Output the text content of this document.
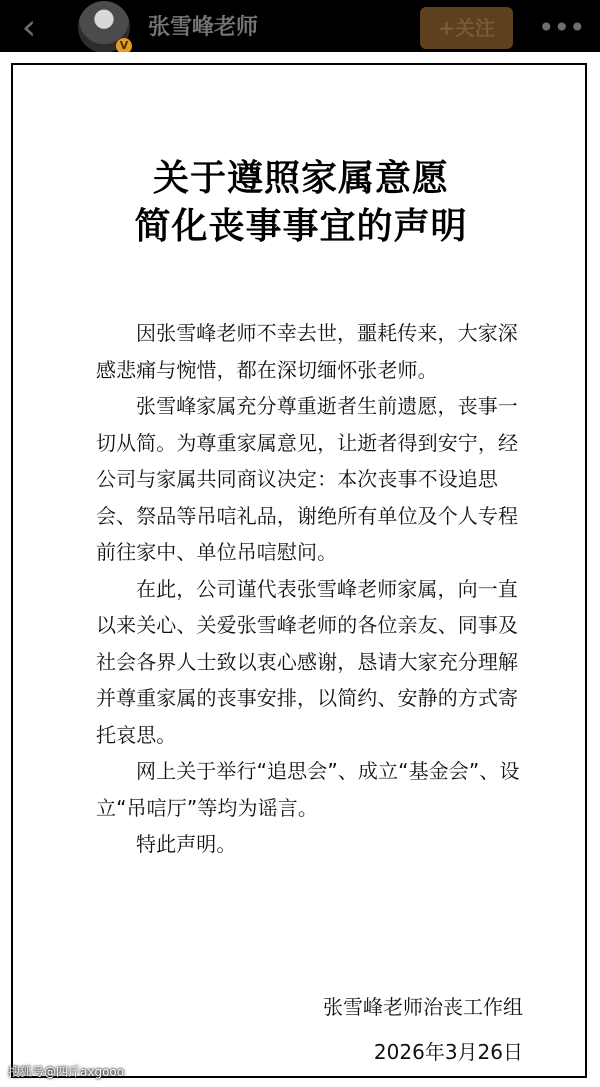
‹	V
张雪峰老师	+关注	•••
关于遵照家属意愿
简化丧事事宜的声明

因张雪峰老师不幸去世，噩耗传来，大家深感悲痛与惋惜，都在深切缅怀张老师。

张雪峰家属充分尊重逝者生前遗愿，丧事一切从简。为尊重家属意见，让逝者得到安宁，经公司与家属共同商议决定：本次丧事不设追思会、祭品等吊唁礼品，谢绝所有单位及个人专程前往家中、单位吊唁慰问。

在此，公司谨代表张雪峰老师家属，向一直以来关心、关爱张雪峰老师的各位亲友、同事及社会各界人士致以衷心感谢，恳请大家充分理解并尊重家属的丧事安排，以简约、安静的方式寄托哀思。

网上关于举行“追思会”、成立“基金会”、设立“吊唁厅”等均为谣言。

特此声明。

张雪峰老师治丧工作组
2026年3月26日
搜狐号@四斤axgooo
